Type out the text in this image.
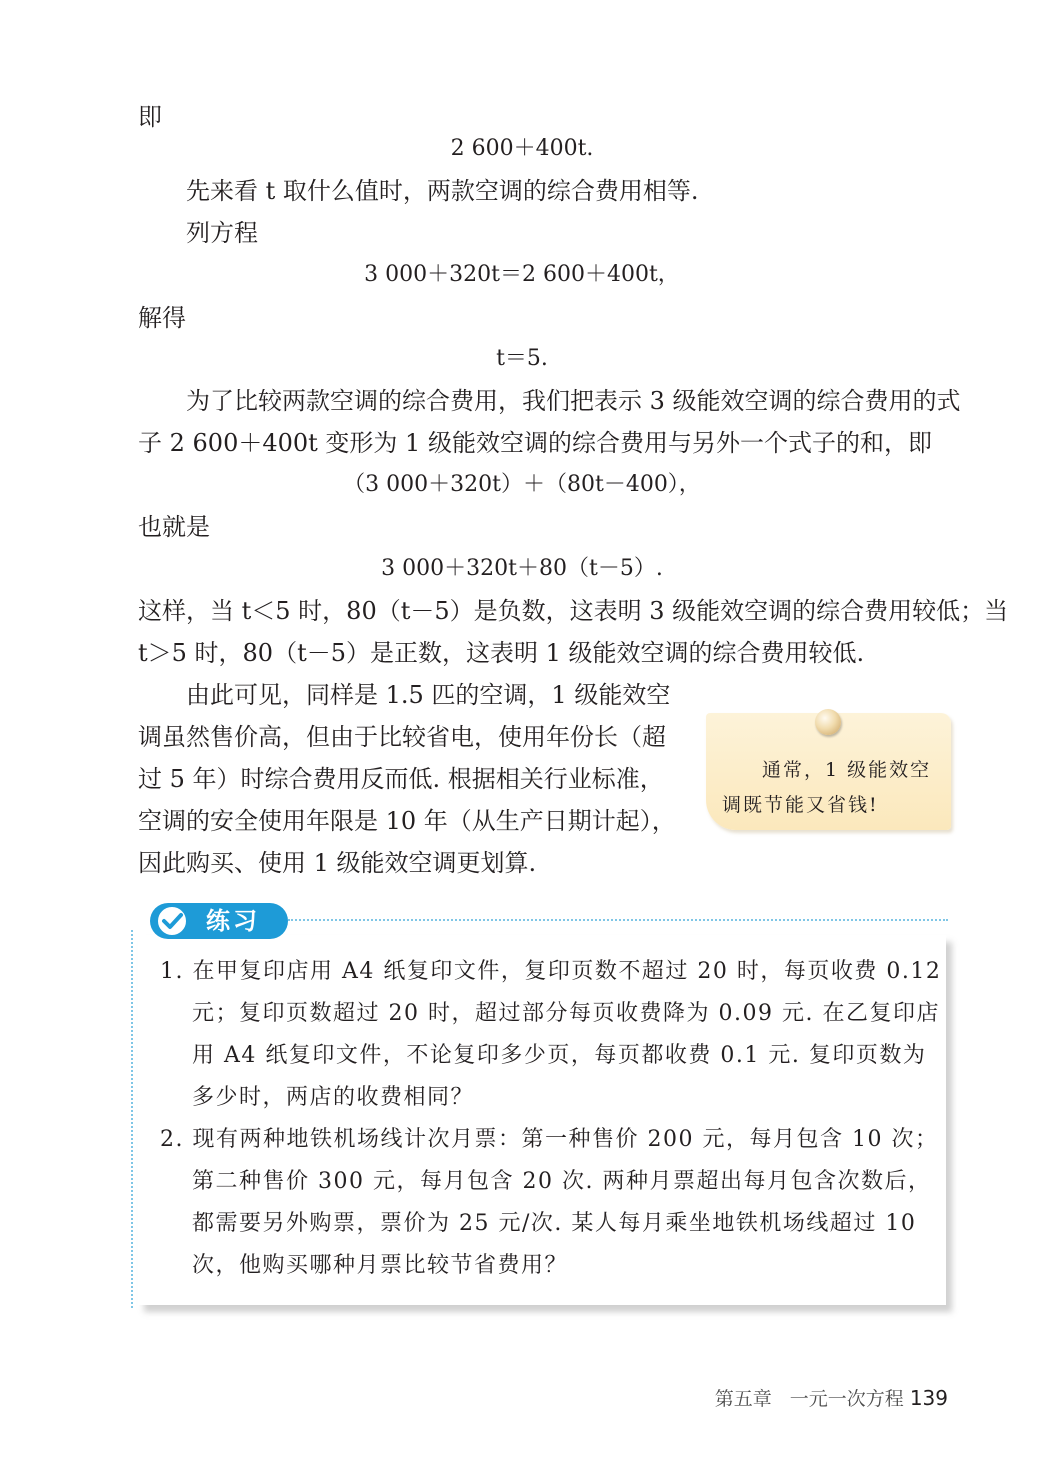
即
2 600＋400t.
先来看 t 取什么值时，两款空调的综合费用相等.
列方程
3 000＋320t＝2 600＋400t，
解得
t＝5.
为了比较两款空调的综合费用，我们把表示 3 级能效空调的综合费用的式
子 2 600＋400t 变形为 1 级能效空调的综合费用与另外一个式子的和，即
（3 000＋320t）＋（80t－400），
也就是
3 000＋320t＋80（t－5）.
这样，当 t＜5 时，80（t－5）是负数，这表明 3 级能效空调的综合费用较低；当
t＞5 时，80（t－5）是正数，这表明 1 级能效空调的综合费用较低.
由此可见，同样是 1.5 匹的空调，1 级能效空
调虽然售价高，但由于比较省电，使用年份长（超
过 5 年）时综合费用反而低. 根据相关行业标准，
空调的安全使用年限是 10 年（从生产日期计起），
因此购买、使用 1 级能效空调更划算.
通常，1 级能效空
调既节能又省钱!
练习
1. 在甲复印店用 A4 纸复印文件，复印页数不超过 20 时，每页收费 0.12
元；复印页数超过 20 时，超过部分每页收费降为 0.09 元. 在乙复印店
用 A4 纸复印文件，不论复印多少页，每页都收费 0.1 元. 复印页数为
多少时，两店的收费相同？
2. 现有两种地铁机场线计次月票：第一种售价 200 元，每月包含 10 次；
第二种售价 300 元，每月包含 20 次. 两种月票超出每月包含次数后，
都需要另外购票，票价为 25 元/次. 某人每月乘坐地铁机场线超过 10
次，他购买哪种月票比较节省费用？
第五章 一元一次方程 139
